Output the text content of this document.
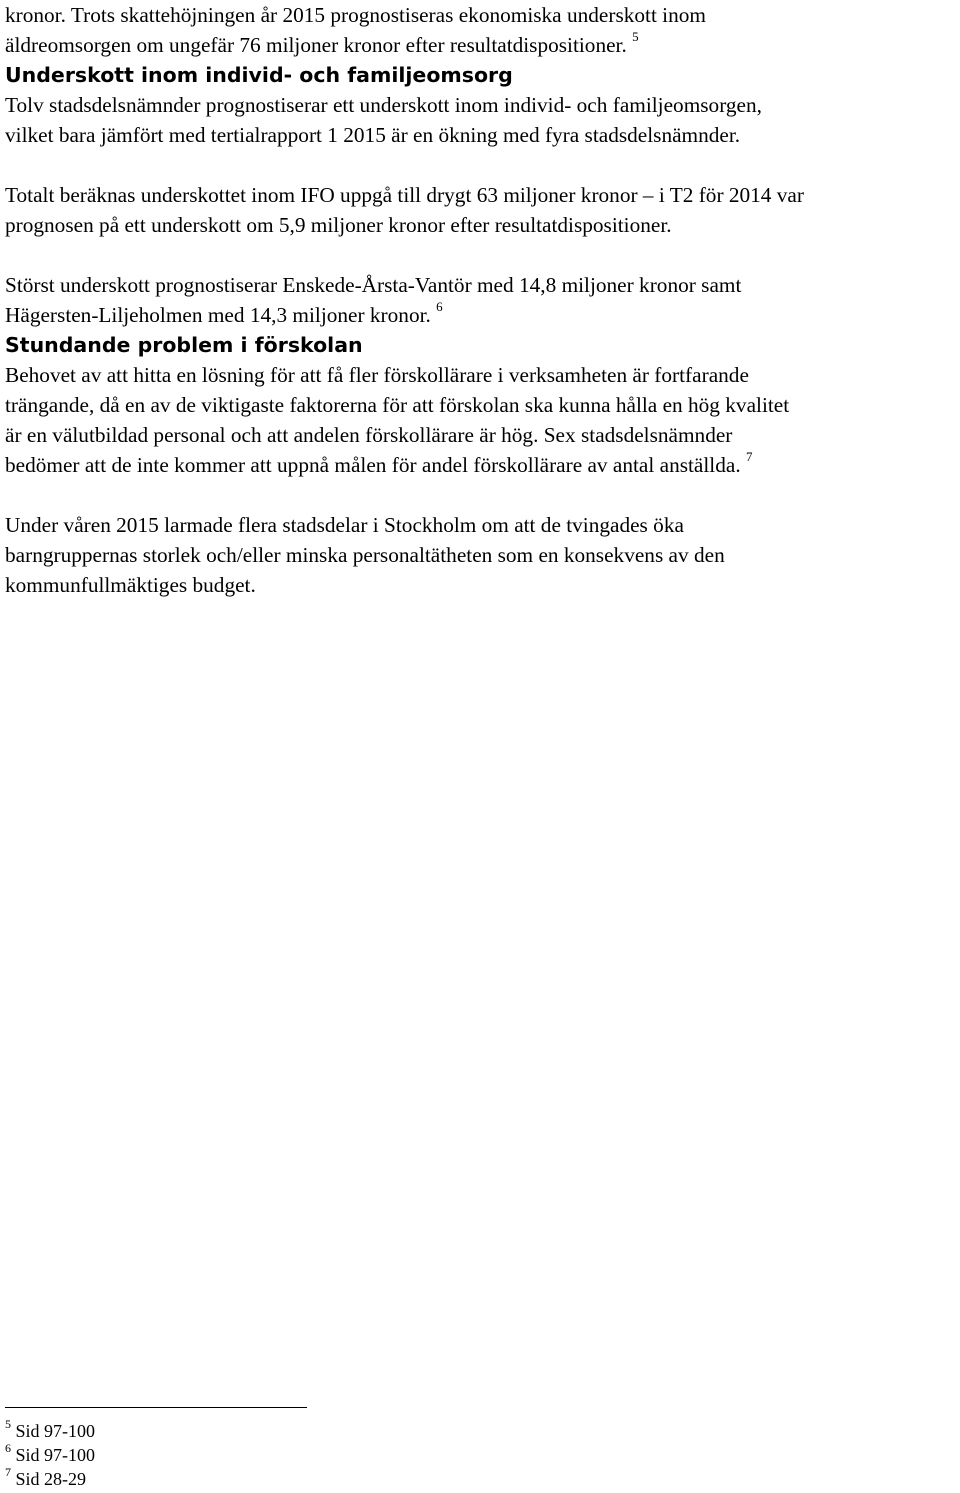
kronor. Trots skattehöjningen år 2015 prognostiseras ekonomiska underskott inom
äldreomsorgen om ungefär 76 miljoner kronor efter resultatdispositioner. $^5$
Underskott inom individ- och familjeomsorg
Tolv stadsdelsnämnder prognostiserar ett underskott inom individ- och familjeomsorgen,
vilket bara jämfört med tertialrapport 1 2015 är en ökning med fyra stadsdelsnämnder.
Totalt beräknas underskottet inom IFO uppgå till drygt 63 miljoner kronor – i T2 för 2014 var
prognosen på ett underskott om 5,9 miljoner kronor efter resultatdispositioner.
Störst underskott prognostiserar Enskede-Årsta-Vantör med 14,8 miljoner kronor samt
Hägersten-Liljeholmen med 14,3 miljoner kronor. $^6$
Stundande problem i förskolan
Behovet av att hitta en lösning för att få fler förskollärare i verksamheten är fortfarande
trängande, då en av de viktigaste faktorerna för att förskolan ska kunna hålla en hög kvalitet
är en välutbildad personal och att andelen förskollärare är hög. Sex stadsdelsnämnder
bedömer att de inte kommer att uppnå målen för andel förskollärare av antal anställda. $^7$
Under våren 2015 larmade flera stadsdelar i Stockholm om att de tvingades öka
barngruppernas storlek och/eller minska personaltätheten som en konsekvens av den
kommunfullmäktiges budget.
$^5$ Sid 97-100
$^6$ Sid 97-100
$^7$ Sid 28-29
